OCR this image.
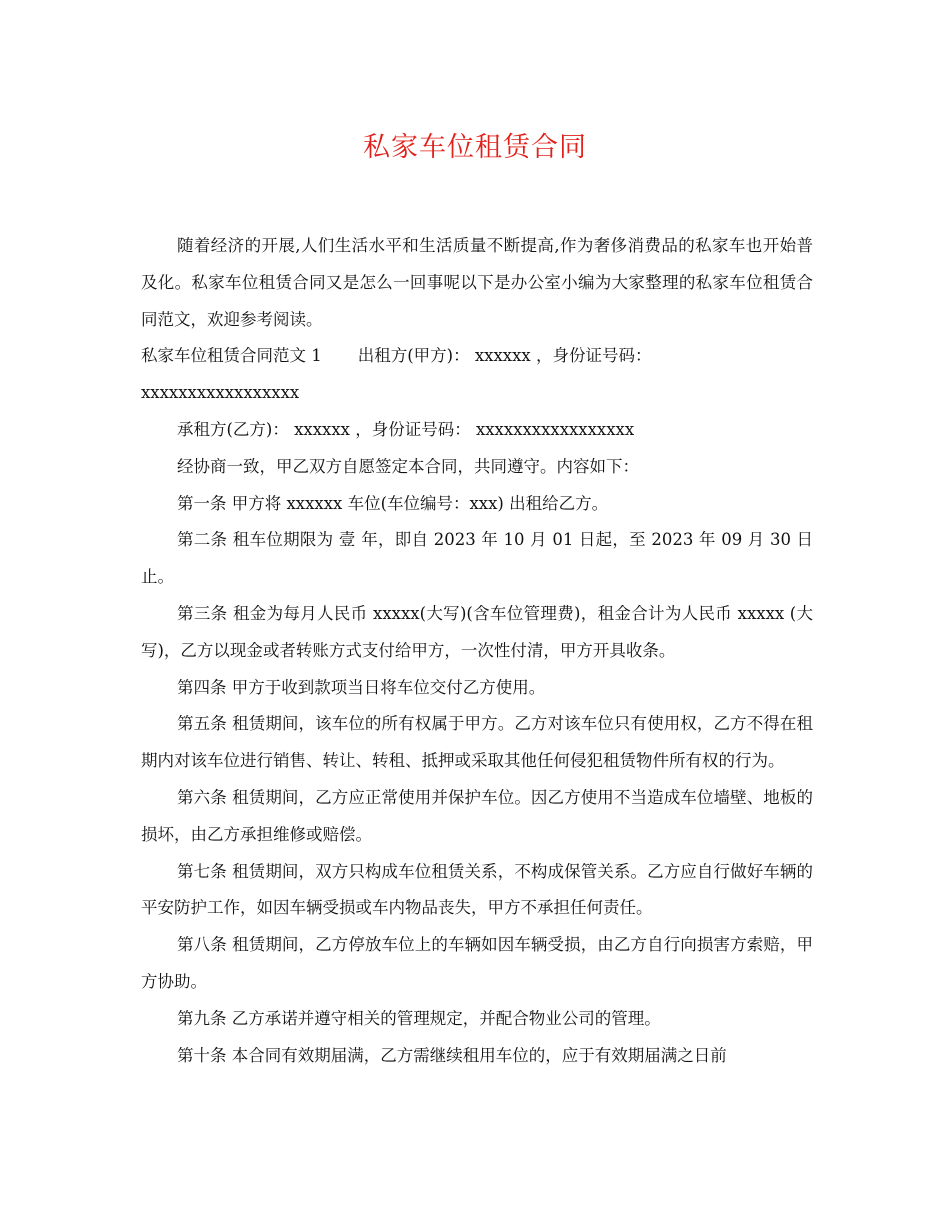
私家车位租赁合同

随着经济的开展,人们生活水平和生活质量不断提高,作为奢侈消费品的私家车也开始普及化。私家车位租赁合同又是怎么一回事呢以下是办公室小编为大家整理的私家车位租赁合同范文，欢迎参考阅读。

私家车位租赁合同范文 1 出租方(甲方)： xxxxxx ，身份证号码：

xxxxxxxxxxxxxxxxx

承租方(乙方)： xxxxxx ，身份证号码： xxxxxxxxxxxxxxxxx

经协商一致，甲乙双方自愿签定本合同，共同遵守。内容如下：

第一条 甲方将 xxxxxx 车位(车位编号：xxx) 出租给乙方。

第二条 租车位期限为 壹 年，即自 2023 年 10 月 01 日起，至 2023 年 09 月 30 日止。

第三条 租金为每月人民币 xxxxx(大写)(含车位管理费)，租金合计为人民币 xxxxx (大写)，乙方以现金或者转账方式支付给甲方，一次性付清，甲方开具收条。

第四条 甲方于收到款项当日将车位交付乙方使用。

第五条 租赁期间，该车位的所有权属于甲方。乙方对该车位只有使用权，乙方不得在租期内对该车位进行销售、转让、转租、抵押或采取其他任何侵犯租赁物件所有权的行为。

第六条 租赁期间，乙方应正常使用并保护车位。因乙方使用不当造成车位墙壁、地板的损坏，由乙方承担维修或赔偿。

第七条 租赁期间，双方只构成车位租赁关系，不构成保管关系。乙方应自行做好车辆的平安防护工作，如因车辆受损或车内物品丧失，甲方不承担任何责任。

第八条 租赁期间，乙方停放车位上的车辆如因车辆受损，由乙方自行向损害方索赔，甲方协助。

第九条 乙方承诺并遵守相关的管理规定，并配合物业公司的管理。

第十条 本合同有效期届满，乙方需继续租用车位的，应于有效期届满之日前
